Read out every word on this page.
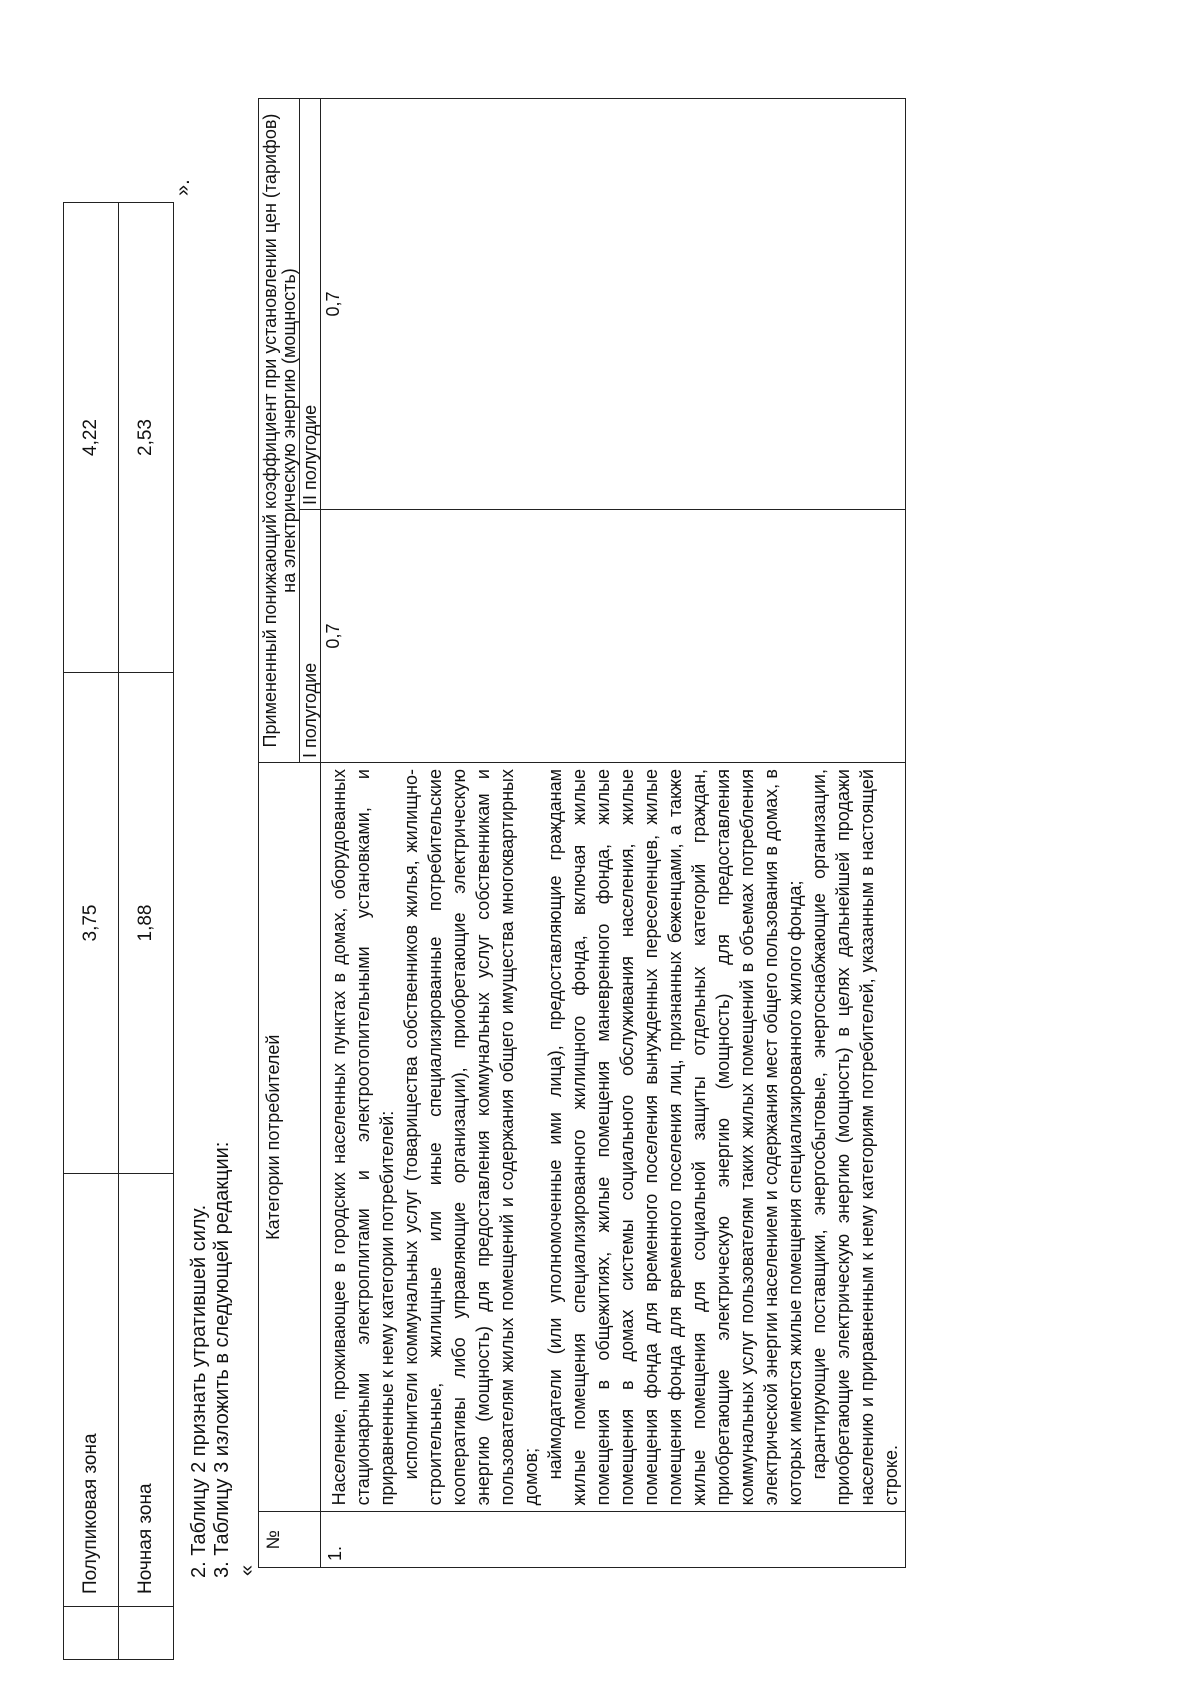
	Полупиковая зона	3,75	4,22
	Ночная зона	1,88	2,53
».
2. Таблицу 2 признать утратившей силу. 3. Таблицу 3 изложить в следующей редакции: «
№	Категории потребителей	Примененный понижающий коэффициент при установлении цен (тарифов) на электрическую энергию (мощность)	
		I полугодие	II полугодие
1.	Население, проживающее в городских населенных пунктах в домах, оборудованных стационарными электроплитами и электроотопительными установками, и приравненные к нему категории потребителей: исполнители коммунальных услуг (товарищества собственников жилья, жилищно-строительные, жилищные или иные специализированные потребительские кооперативы либо управляющие организации), приобретающие электрическую энергию (мощность) для предоставления коммунальных услуг собственникам и пользователям жилых помещений и содержания общего имущества многоквартирных домов; наймодатели (или уполномоченные ими лица), предоставляющие гражданам жилые помещения специализированного жилищного фонда, включая жилые помещения в общежитиях, жилые помещения маневренного фонда, жилые помещения в домах системы социального обслуживания населения, жилые помещения фонда для временного поселения вынужденных переселенцев, жилые помещения фонда для временного поселения лиц, признанных беженцами, а также жилые помещения для социальной защиты отдельных категорий граждан, приобретающие электрическую энергию (мощность) для предоставления коммунальных услуг пользователям таких жилых помещений в объемах потребления электрической энергии населением и содержания мест общего пользования в домах, в которых имеются жилые помещения специализированного жилого фонда; гарантирующие поставщики, энергосбытовые, энергоснабжающие организации, приобретающие электрическую энергию (мощность) в целях дальнейшей продажи населению и приравненным к нему категориям потребителей, указанным в настоящей строке.	0,7	0,7
